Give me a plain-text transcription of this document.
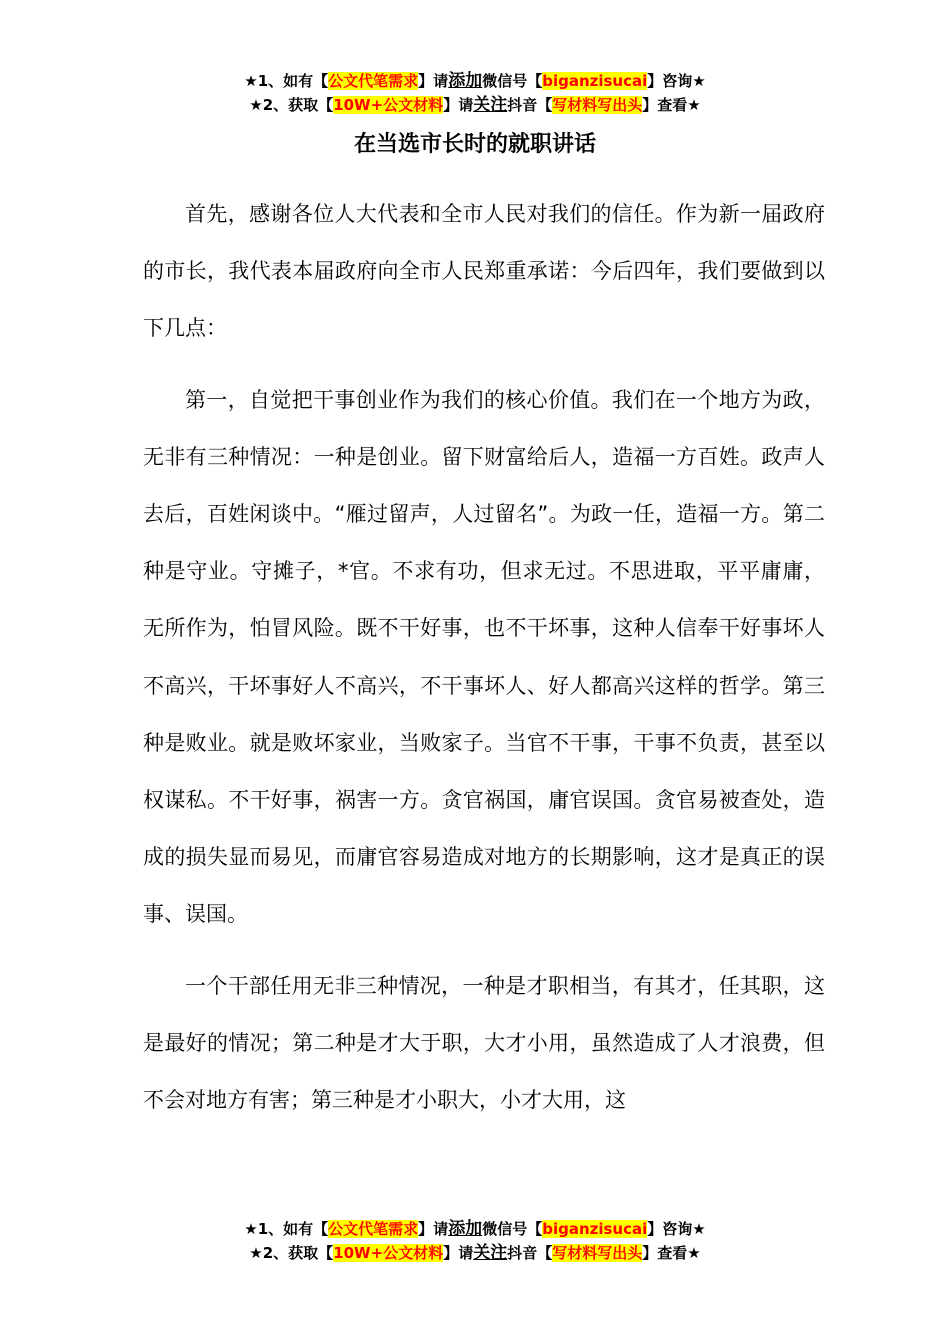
★1、如有【公文代笔需求】请添加微信号【biganzisucai】咨询★
★2、获取【10W+公文材料】请关注抖音【写材料写出头】查看★
在当选市长时的就职讲话

首先，感谢各位人大代表和全市人民对我们的信任。作为新一届政府的市长，我代表本届政府向全市人民郑重承诺：今后四年，我们要做到以下几点：

第一，自觉把干事创业作为我们的核心价值。我们在一个地方为政，无非有三种情况：一种是创业。留下财富给后人，造福一方百姓。政声人去后，百姓闲谈中。“雁过留声，人过留名”。为政一任，造福一方。第二种是守业。守摊子，*官。不求有功，但求无过。不思进取，平平庸庸，无所作为，怕冒风险。既不干好事，也不干坏事，这种人信奉干好事坏人不高兴，干坏事好人不高兴，不干事坏人、好人都高兴这样的哲学。第三种是败业。就是败坏家业，当败家子。当官不干事，干事不负责，甚至以权谋私。不干好事，祸害一方。贪官祸国，庸官误国。贪官易被查处，造成的损失显而易见，而庸官容易造成对地方的长期影响，这才是真正的误事、误国。

一个干部任用无非三种情况，一种是才职相当，有其才，任其职，这是最好的情况；第二种是才大于职，大才小用，虽然造成了人才浪费，但不会对地方有害；第三种是才小职大，小才大用，这

★1、如有【公文代笔需求】请添加微信号【biganzisucai】咨询★
★2、获取【10W+公文材料】请关注抖音【写材料写出头】查看★
